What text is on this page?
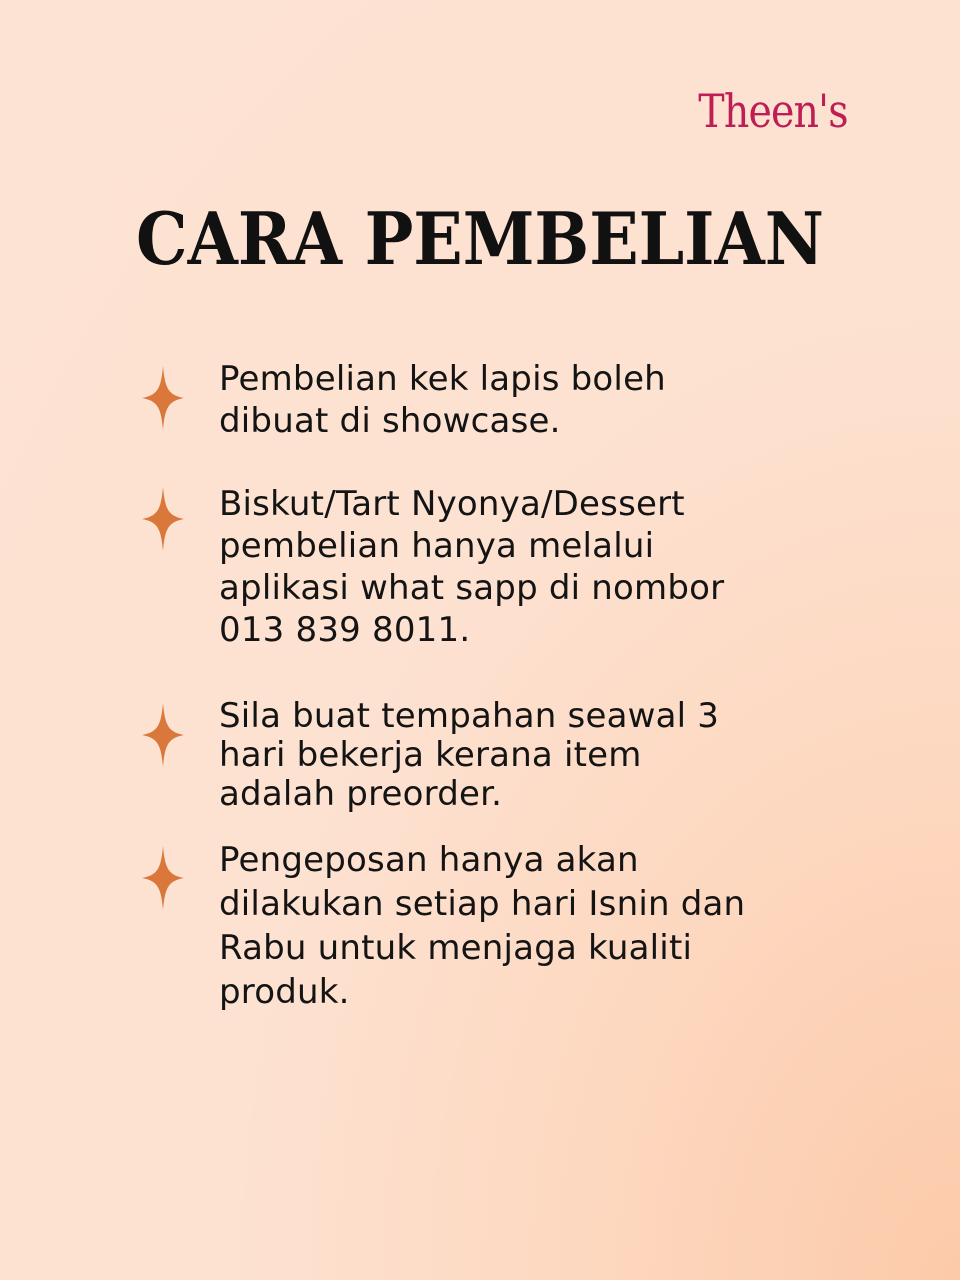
Theen's
CARA PEMBELIAN
Pembelian kek lapis boleh
dibuat di showcase.
Biskut/Tart Nyonya/Dessert
pembelian hanya melalui
aplikasi what sapp di nombor
013 839 8011.
Sila buat tempahan seawal 3
hari bekerja kerana item
adalah preorder.
Pengeposan hanya akan
dilakukan setiap hari Isnin dan
Rabu untuk menjaga kualiti
produk.
